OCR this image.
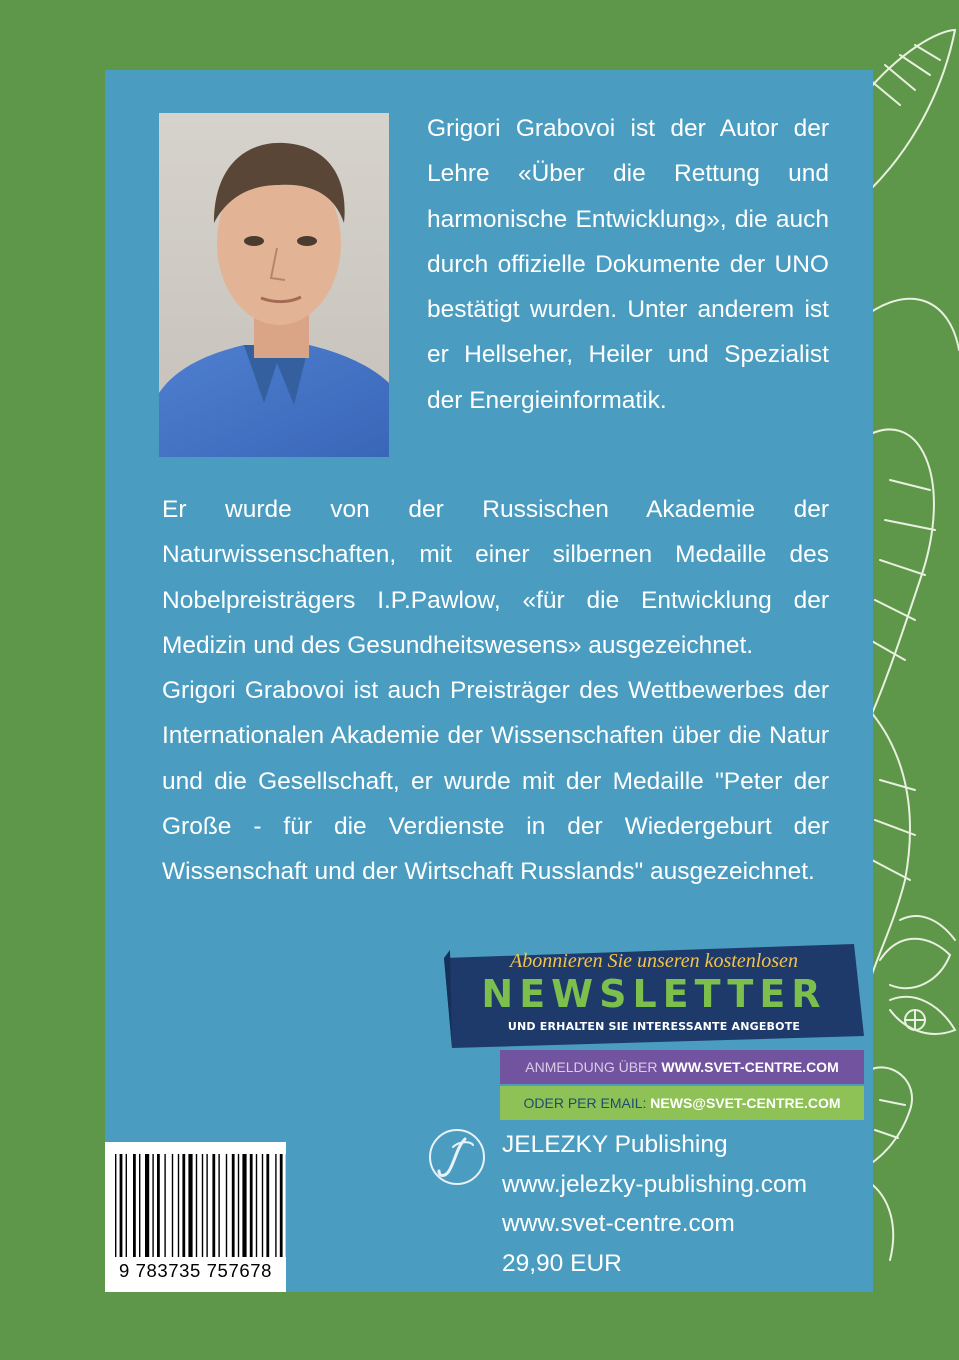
Grigori Grabovoi ist der Autor der Lehre «Über die Rettung und harmonische Entwicklung», die auch durch offizielle Dokumente der UNO bestätigt wurden. Unter anderem ist er Hellseher, Heiler und Spezialist der Energieinformatik.

Er wurde von der Russischen Akademie der Naturwissenschaften, mit einer silbernen Medaille des Nobelpreisträgers I.P.Pawlow, «für die Entwicklung der Medizin und des Gesundheitswesens» ausgezeichnet.

Grigori Grabovoi ist auch Preisträger des Wettbewerbes der Internationalen Akademie der Wissenschaften über die Natur und die Gesellschaft, er wurde mit der Medaille "Peter der Große - für die Verdienste in der Wiedergeburt der Wissenschaft und der Wirtschaft Russlands" ausgezeichnet.

Abonnieren Sie unseren kostenlosen
NEWSLETTER
UND ERHALTEN SIE INTERESSANTE ANGEBOTE
ANMELDUNG ÜBER WWW.SVET-CENTRE.COM
ODER PER EMAIL: NEWS@SVET-CENTRE.COM
9 783735 757678
JELEZKY Publishing
www.jelezky-publishing.com
www.svet-centre.com
29,90 EUR
